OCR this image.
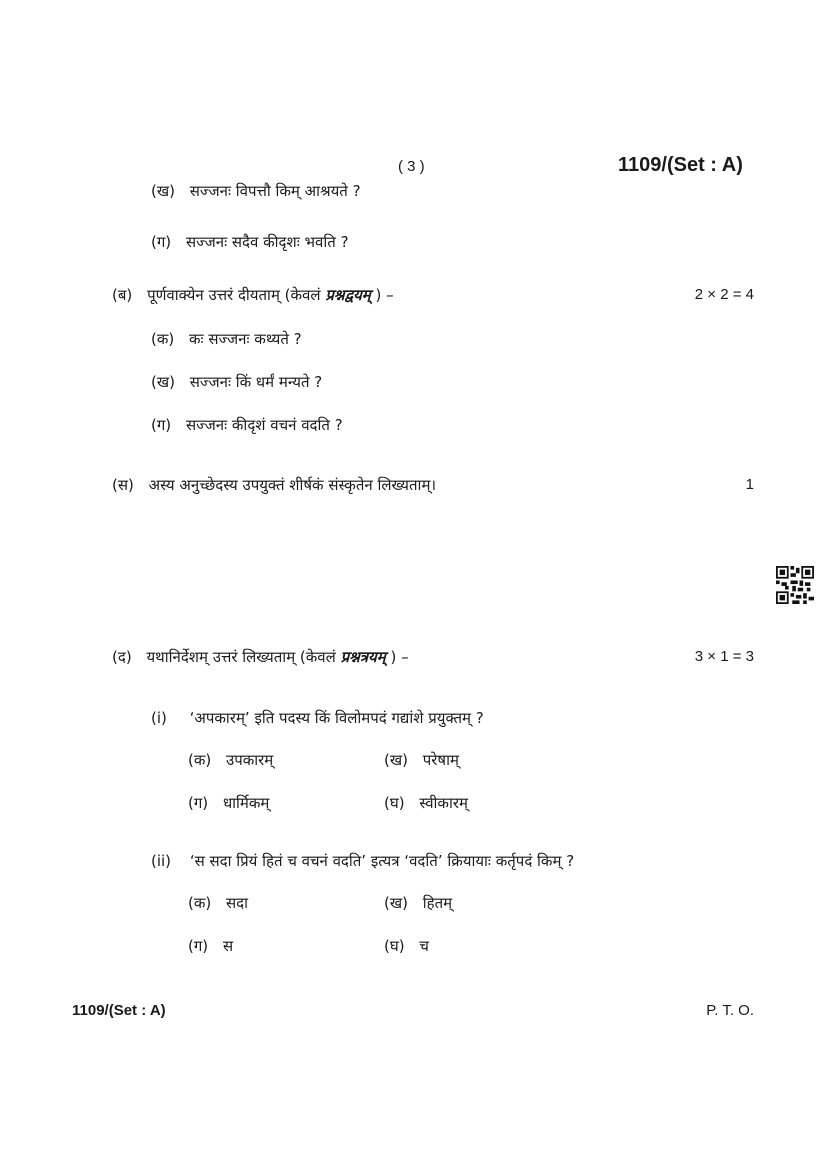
( 3 )	1109/(Set : A)
(ख) सज्जनः विपत्तौ किम् आश्रयते ?
(ग) सज्जनः सदैव कीदृशः भवति ?
(ब) पूर्णवाक्येन उत्तरं दीयताम् (केवलं प्रश्नद्वयम् ) –	2 × 2 = 4
(क) कः सज्जनः कथ्यते ?
(ख) सज्जनः किं धर्मं मन्यते ?
(ग) सज्जनः कीदृशं वचनं वदति ?
(स) अस्य अनुच्छेदस्य उपयुक्तं शीर्षकं संस्कृतेन लिख्यताम्।	1
(द) यथानिर्देशम् उत्तरं लिख्यताम् (केवलं प्रश्नत्रयम् ) –	3 × 1 = 3
(i) ‘अपकारम्’ इति पदस्य किं विलोमपदं गद्यांशे प्रयुक्तम् ?
(क) उपकारम्	(ख) परेषाम्
(ग) धार्मिकम्	(घ) स्वीकारम्
(ii) ‘स सदा प्रियं हितं च वचनं वदति’ इत्यत्र ‘वदति’ क्रियायाः कर्तृपदं किम् ?
(क) सदा	(ख) हितम्
(ग) स	(घ) च
1109/(Set : A)	P. T. O.
